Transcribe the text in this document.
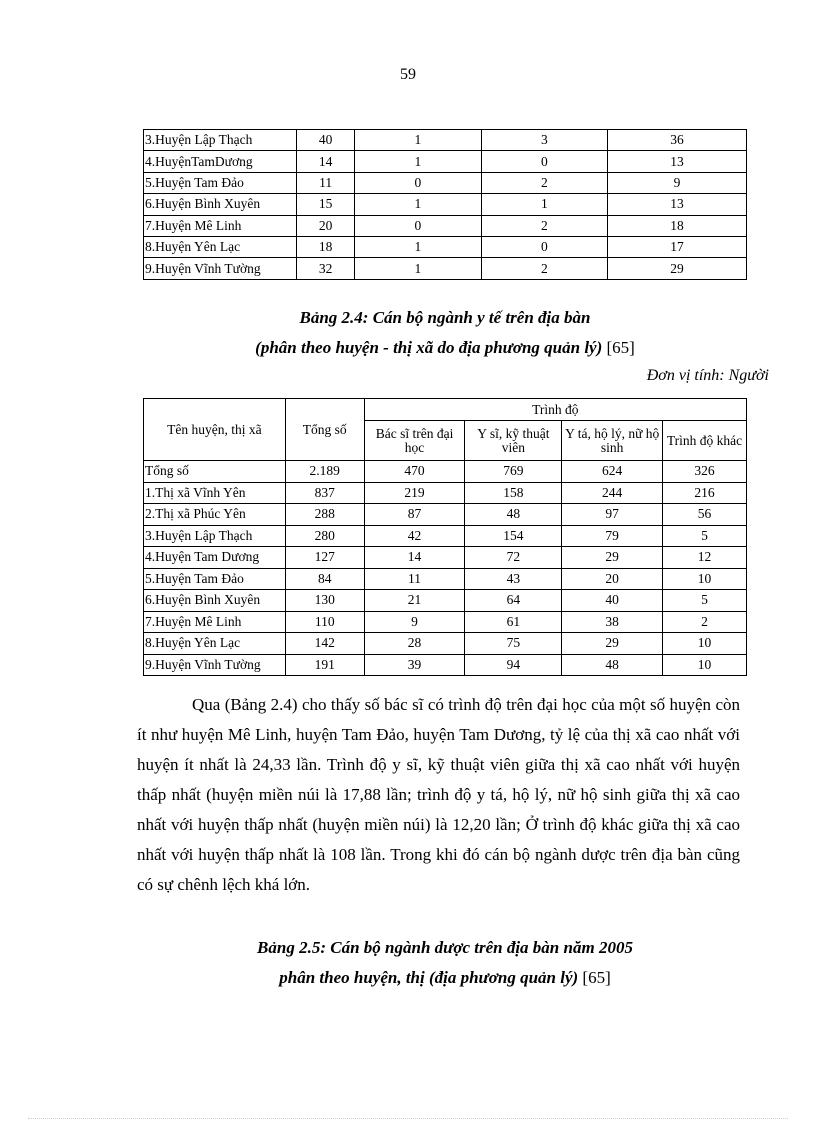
59
3.Huyện Lập Thạch	40	1	3	36
4.HuyệnTamDương	14	1	0	13
5.Huyện Tam Đảo	11	0	2	9
6.Huyện Bình Xuyên	15	1	1	13
7.Huyện Mê Linh	20	0	2	18
8.Huyện Yên Lạc	18	1	0	17
9.Huyện Vĩnh Tường	32	1	2	29
Bảng 2.4: Cán bộ ngành y tế trên địa bàn
(phân theo huyện - thị xã do địa phương quản lý) [65]
Đơn vị tính: Người
Tên huyện, thị xã	Tổng số	Trình độ			
		Bác sĩ trên đại học	Y sĩ, kỹ thuật viên	Y tá, hộ lý, nữ hộ sinh	Trình độ khác
Tổng số	2.189	470	769	624	326
1.Thị xã Vĩnh Yên	837	219	158	244	216
2.Thị xã Phúc Yên	288	87	48	97	56
3.Huyện Lập Thạch	280	42	154	79	5
4.Huyện Tam Dương	127	14	72	29	12
5.Huyện Tam Đảo	84	11	43	20	10
6.Huyện Bình Xuyên	130	21	64	40	5
7.Huyện Mê Linh	110	9	61	38	2
8.Huyện Yên Lạc	142	28	75	29	10
9.Huyện Vĩnh Tường	191	39	94	48	10

Qua (Bảng 2.4) cho thấy số bác sĩ có trình độ trên đại học của một số huyện còn ít như huyện Mê Linh, huyện Tam Đảo, huyện Tam Dương, tỷ lệ của thị xã cao nhất với huyện ít nhất là 24,33 lần. Trình độ y sĩ, kỹ thuật viên giữa thị xã cao nhất với huyện thấp nhất (huyện miền núi là 17,88 lần; trình độ y tá, hộ lý, nữ hộ sinh giữa thị xã cao nhất với huyện thấp nhất (huyện miền núi) là 12,20 lần; Ở trình độ khác giữa thị xã cao nhất với huyện thấp nhất là 108 lần. Trong khi đó cán bộ ngành dược trên địa bàn cũng có sự chênh lệch khá lớn.

Bảng 2.5: Cán bộ ngành dược trên địa bàn năm 2005
phân theo huyện, thị (địa phương quản lý) [65]
